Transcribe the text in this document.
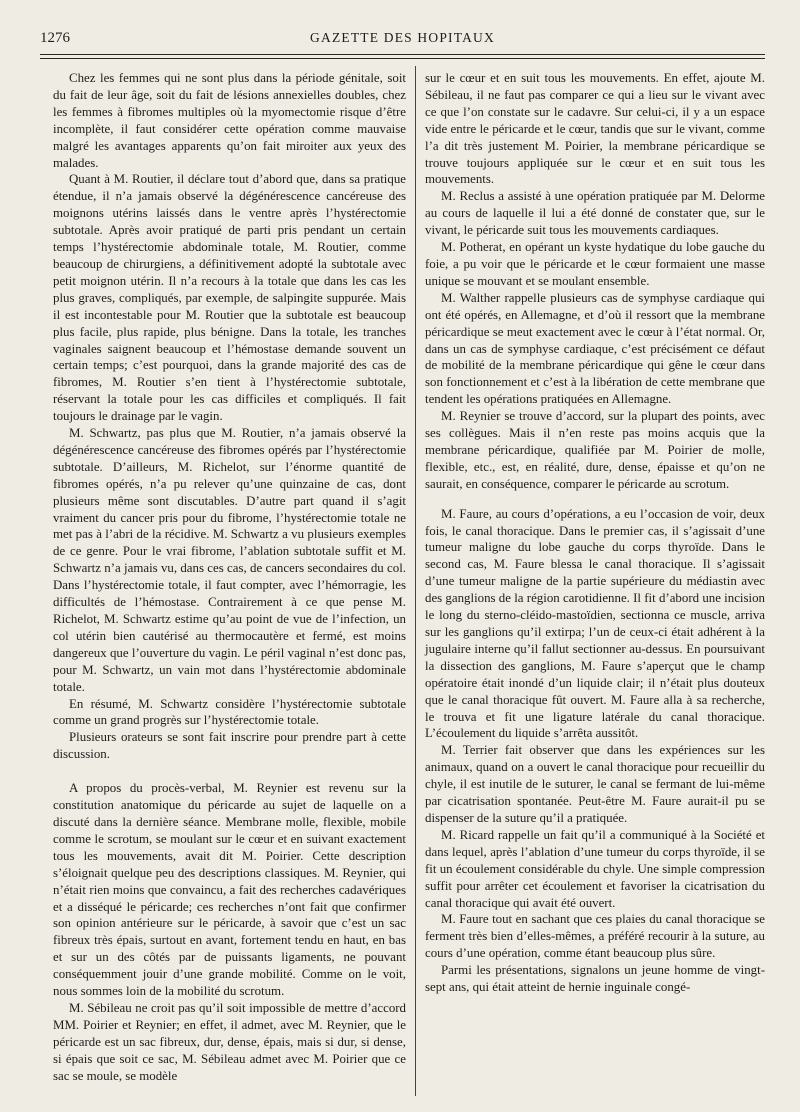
1276	GAZETTE DES HOPITAUX

Chez les femmes qui ne sont plus dans la période génitale, soit du fait de leur âge, soit du fait de lésions annexielles doubles, chez les femmes à fibromes multiples où la myomectomie risque d’être incomplète, il faut considérer cette opération comme mauvaise malgré les avantages apparents qu’on fait miroiter aux yeux des malades.

Quant à M. Routier, il déclare tout d’abord que, dans sa pratique étendue, il n’a jamais observé la dégénérescence cancéreuse des moignons utérins laissés dans le ventre après l’hystérectomie subtotale. Après avoir pratiqué de parti pris pendant un certain temps l’hystérectomie abdominale totale, M. Routier, comme beaucoup de chirurgiens, a définitivement adopté la subtotale avec petit moignon utérin. Il n’a recours à la totale que dans les cas les plus graves, compliqués, par exemple, de salpingite suppurée. Mais il est incontestable pour M. Routier que la subtotale est beaucoup plus facile, plus rapide, plus bénigne. Dans la totale, les tranches vaginales saignent beaucoup et l’hémostase demande souvent un certain temps; c’est pourquoi, dans la grande majorité des cas de fibromes, M. Routier s’en tient à l’hystérectomie subtotale, réservant la totale pour les cas difficiles et compliqués. Il fait toujours le drainage par le vagin.

M. Schwartz, pas plus que M. Routier, n’a jamais observé la dégénérescence cancéreuse des fibromes opérés par l’hystérectomie subtotale. D’ailleurs, M. Richelot, sur l’énorme quantité de fibromes opérés, n’a pu relever qu’une quinzaine de cas, dont plusieurs même sont discutables. D’autre part quand il s’agit vraiment du cancer pris pour du fibrome, l’hystérectomie totale ne met pas à l’abri de la récidive. M. Schwartz a vu plusieurs exemples de ce genre. Pour le vrai fibrome, l’ablation subtotale suffit et M. Schwartz n’a jamais vu, dans ces cas, de cancers secondaires du col. Dans l’hystérectomie totale, il faut compter, avec l’hémorragie, les difficultés de l’hémostase. Contrairement à ce que pense M. Richelot, M. Schwartz estime qu’au point de vue de l’infection, un col utérin bien cautérisé au thermocautère et fermé, est moins dangereux que l’ouverture du vagin. Le péril vaginal n’est donc pas, pour M. Schwartz, un vain mot dans l’hystérectomie abdominale totale.

En résumé, M. Schwartz considère l’hystérectomie subtotale comme un grand progrès sur l’hystérectomie totale.

Plusieurs orateurs se sont fait inscrire pour prendre part à cette discussion.

A propos du procès-verbal, M. Reynier est revenu sur la constitution anatomique du péricarde au sujet de laquelle on a discuté dans la dernière séance. Membrane molle, flexible, mobile comme le scrotum, se moulant sur le cœur et en suivant exactement tous les mouvements, avait dit M. Poirier. Cette description s’éloignait quelque peu des descriptions classiques. M. Reynier, qui n’était rien moins que convaincu, a fait des recherches cadavériques et a disséqué le péricarde; ces recherches n’ont fait que confirmer son opinion antérieure sur le péricarde, à savoir que c’est un sac fibreux très épais, surtout en avant, fortement tendu en haut, en bas et sur un des côtés par de puissants ligaments, ne pouvant conséquemment jouir d’une grande mobilité. Comme on le voit, nous sommes loin de la mobilité du scrotum.

M. Sébileau ne croit pas qu’il soit impossible de mettre d’accord MM. Poirier et Reynier; en effet, il admet, avec M. Reynier, que le péricarde est un sac fibreux, dur, dense, épais, mais si dur, si dense, si épais que soit ce sac, M. Sébileau admet avec M. Poirier que ce sac se moule, se modèle

sur le cœur et en suit tous les mouvements. En effet, ajoute M. Sébileau, il ne faut pas comparer ce qui a lieu sur le vivant avec ce que l’on constate sur le cadavre. Sur celui-ci, il y a un espace vide entre le péricarde et le cœur, tandis que sur le vivant, comme l’a dit très justement M. Poirier, la membrane péricardique se trouve toujours appliquée sur le cœur et en suit tous les mouvements.

M. Reclus a assisté à une opération pratiquée par M. Delorme au cours de laquelle il lui a été donné de constater que, sur le vivant, le péricarde suit tous les mouvements cardiaques.

M. Potherat, en opérant un kyste hydatique du lobe gauche du foie, a pu voir que le péricarde et le cœur formaient une masse unique se mouvant et se moulant ensemble.

M. Walther rappelle plusieurs cas de symphyse cardiaque qui ont été opérés, en Allemagne, et d’où il ressort que la membrane péricardique se meut exactement avec le cœur à l’état normal. Or, dans un cas de symphyse cardiaque, c’est précisément ce défaut de mobilité de la membrane péricardique qui gêne le cœur dans son fonctionnement et c’est à la libération de cette membrane que tendent les opérations pratiquées en Allemagne.

M. Reynier se trouve d’accord, sur la plupart des points, avec ses collègues. Mais il n’en reste pas moins acquis que la membrane péricardique, qualifiée par M. Poirier de molle, flexible, etc., est, en réalité, dure, dense, épaisse et qu’on ne saurait, en conséquence, comparer le péricarde au scrotum.

M. Faure, au cours d’opérations, a eu l’occasion de voir, deux fois, le canal thoracique. Dans le premier cas, il s’agissait d’une tumeur maligne du lobe gauche du corps thyroïde. Dans le second cas, M. Faure blessa le canal thoracique. Il s’agissait d’une tumeur maligne de la partie supérieure du médiastin avec des ganglions de la région carotidienne. Il fit d’abord une incision le long du sterno-cléido-mastoïdien, sectionna ce muscle, arriva sur les ganglions qu’il extirpa; l’un de ceux-ci était adhérent à la jugulaire interne qu’il fallut sectionner au-dessus. En poursuivant la dissection des ganglions, M. Faure s’aperçut que le champ opératoire était inondé d’un liquide clair; il n’était plus douteux que le canal thoracique fût ouvert. M. Faure alla à sa recherche, le trouva et fit une ligature latérale du canal thoracique. L’écoulement du liquide s’arrêta aussitôt.

M. Terrier fait observer que dans les expériences sur les animaux, quand on a ouvert le canal thoracique pour recueillir du chyle, il est inutile de le suturer, le canal se fermant de lui-même par cicatrisation spontanée. Peut-être M. Faure aurait-il pu se dispenser de la suture qu’il a pratiquée.

M. Ricard rappelle un fait qu’il a communiqué à la Société et dans lequel, après l’ablation d’une tumeur du corps thyroïde, il se fit un écoulement considérable du chyle. Une simple compression suffit pour arrêter cet écoulement et favoriser la cicatrisation du canal thoracique qui avait été ouvert.

M. Faure tout en sachant que ces plaies du canal thoracique se ferment très bien d’elles-mêmes, a préféré recourir à la suture, au cours d’une opération, comme étant beaucoup plus sûre.

Parmi les présentations, signalons un jeune homme de vingt-sept ans, qui était atteint de hernie inguinale congé-
